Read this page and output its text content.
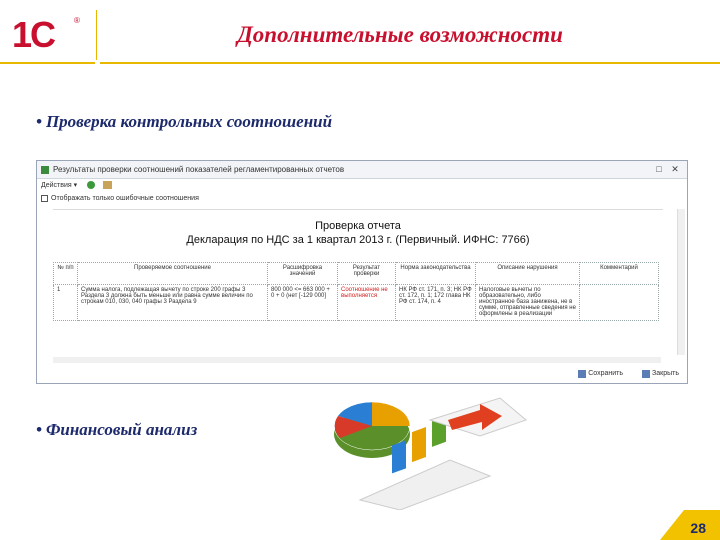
1С ®
Дополнительные возможности
• Проверка контрольных соотношений
Результаты проверки соотношений показателей регламентированных отчетов	□	✕
Действия ▾
Отображать только ошибочные соотношения
Проверка отчета
Декларация по НДС за 1 квартал 2013 г. (Первичный. ИФНС: 7766)
№ п/п	Проверяемое соотношение	Расшифровка значений	Результат проверки	Норма законодательства	Описание нарушения	Комментарий
1	Сумма налога, подлежащая вычету по строке 200 графы 3 Раздела 3 должна быть меньше или равна сумме величин по строкам 010, 030, 040 графы 3 Раздела 9	800 000 <= 663 000 + 0 + 0 (нет [-129 000]	Соотношение не выполняется	НК РФ ст. 171, п. 3; НК РФ ст. 172, п. 1; 172 глава НК РФ ст. 174, п. 4	Налоговые вычеты по образовательно, либо иностранное база занижена, не в сумме, отправленные сведения не оформлены в реализации	
Сохранить	Закрыть
• Финансовый анализ
28
